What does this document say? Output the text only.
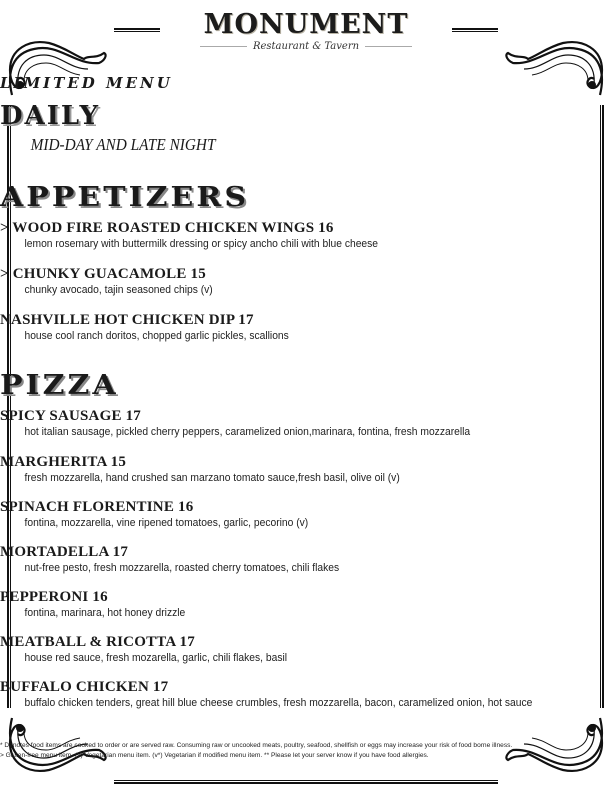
MONUMENT
Restaurant & Tavern
LIMITED MENU
DAILY
MID-DAY AND LATE NIGHT
APPETIZERS
> WOOD FIRE ROASTED CHICKEN WINGS 16
lemon rosemary with buttermilk dressing or spicy ancho chili with blue cheese
> CHUNKY GUACAMOLE 15
chunky avocado, tajin seasoned chips (v)
NASHVILLE HOT CHICKEN DIP 17
house cool ranch doritos, chopped garlic pickles, scallions
PIZZA
SPICY SAUSAGE 17
hot italian sausage, pickled cherry peppers, caramelized onion,marinara, fontina, fresh mozzarella
MARGHERITA 15
fresh mozzarella, hand crushed san marzano tomato sauce,fresh basil, olive oil (v)
SPINACH FLORENTINE 16
fontina, mozzarella, vine ripened tomatoes, garlic, pecorino (v)
MORTADELLA 17
nut-free pesto, fresh mozzarella, roasted cherry tomatoes, chili flakes
PEPPERONI 16
fontina, marinara, hot honey drizzle
MEATBALL & RICOTTA 17
house red sauce, fresh mozarella, garlic, chili flakes, basil
BUFFALO CHICKEN 17
buffalo chicken tenders, great hill blue cheese crumbles, fresh mozzarella, bacon, caramelized onion, hot sauce
* Denotes food items are cooked to order or are served raw. Consuming raw or uncooked meats, poultry, seafood, shellfish or eggs may increase your risk of food borne illness.
> Gluten-free menu item. (v) Vegetarian menu item. (v*) Vegetarian if modified menu item. ** Please let your server know if you have food allergies.
